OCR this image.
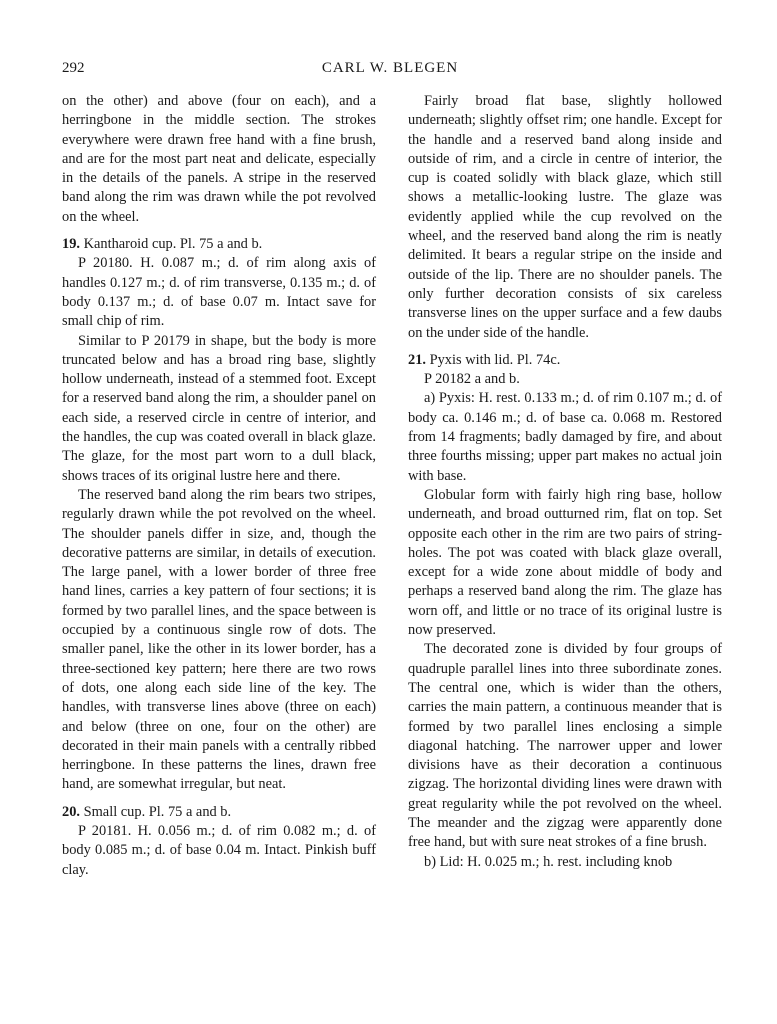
292	CARL W. BLEGEN

on the other) and above (four on each), and a herringbone in the middle section. The strokes everywhere were drawn free hand with a fine brush, and are for the most part neat and delicate, especially in the details of the panels. A stripe in the reserved band along the rim was drawn while the pot revolved on the wheel.

19. Kantharoid cup. Pl. 75 a and b.

P 20180. H. 0.087 m.; d. of rim along axis of handles 0.127 m.; d. of rim transverse, 0.135 m.; d. of body 0.137 m.; d. of base 0.07 m. Intact save for small chip of rim.

Similar to P 20179 in shape, but the body is more truncated below and has a broad ring base, slightly hollow underneath, instead of a stemmed foot. Except for a reserved band along the rim, a shoulder panel on each side, a reserved circle in centre of interior, and the handles, the cup was coated overall in black glaze. The glaze, for the most part worn to a dull black, shows traces of its original lustre here and there.

The reserved band along the rim bears two stripes, regularly drawn while the pot revolved on the wheel. The shoulder panels differ in size, and, though the decorative patterns are similar, in details of execution. The large panel, with a lower border of three free hand lines, carries a key pattern of four sections; it is formed by two parallel lines, and the space between is occupied by a continuous single row of dots. The smaller panel, like the other in its lower border, has a three-sectioned key pattern; here there are two rows of dots, one along each side line of the key. The handles, with transverse lines above (three on each) and below (three on one, four on the other) are decorated in their main panels with a centrally ribbed herringbone. In these patterns the lines, drawn free hand, are somewhat irregular, but neat.

20. Small cup. Pl. 75 a and b.

P 20181. H. 0.056 m.; d. of rim 0.082 m.; d. of body 0.085 m.; d. of base 0.04 m. Intact. Pinkish buff clay.

Fairly broad flat base, slightly hollowed underneath; slightly offset rim; one handle. Except for the handle and a reserved band along inside and outside of rim, and a circle in centre of interior, the cup is coated solidly with black glaze, which still shows a metallic-looking lustre. The glaze was evidently applied while the cup revolved on the wheel, and the reserved band along the rim is neatly delimited. It bears a regular stripe on the inside and outside of the lip. There are no shoulder panels. The only further decoration consists of six careless transverse lines on the upper surface and a few daubs on the under side of the handle.

21. Pyxis with lid. Pl. 74c.

P 20182 a and b.

a) Pyxis: H. rest. 0.133 m.; d. of rim 0.107 m.; d. of body ca. 0.146 m.; d. of base ca. 0.068 m. Restored from 14 fragments; badly damaged by fire, and about three fourths missing; upper part makes no actual join with base.

Globular form with fairly high ring base, hollow underneath, and broad outturned rim, flat on top. Set opposite each other in the rim are two pairs of string-holes. The pot was coated with black glaze overall, except for a wide zone about middle of body and perhaps a reserved band along the rim. The glaze has worn off, and little or no trace of its original lustre is now preserved.

The decorated zone is divided by four groups of quadruple parallel lines into three subordinate zones. The central one, which is wider than the others, carries the main pattern, a continuous meander that is formed by two parallel lines enclosing a simple diagonal hatching. The narrower upper and lower divisions have as their decoration a continuous zigzag. The horizontal dividing lines were drawn with great regularity while the pot revolved on the wheel. The meander and the zigzag were apparently done free hand, but with sure neat strokes of a fine brush.

b) Lid: H. 0.025 m.; h. rest. including knob
